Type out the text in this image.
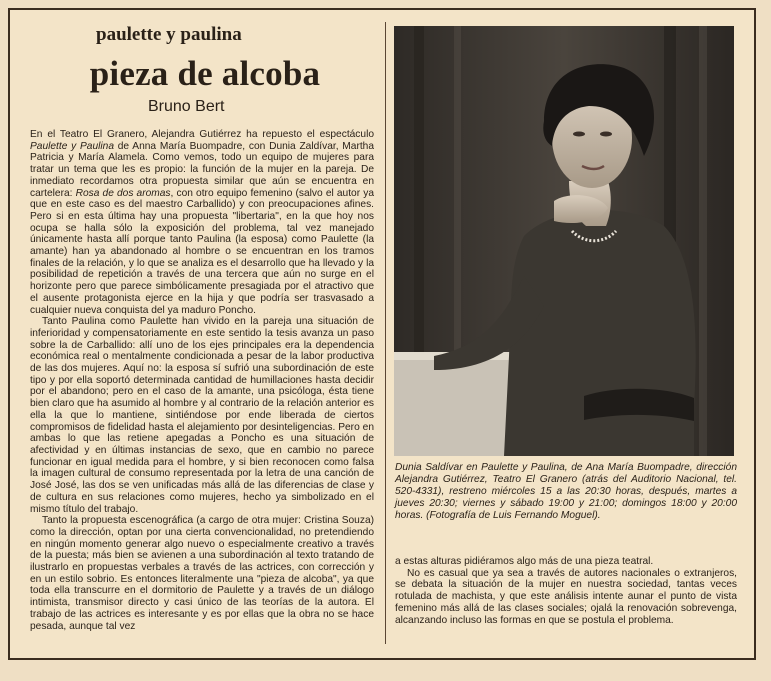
paulette y paulina
pieza de alcoba
Bruno Bert

En el Teatro El Granero, Alejandra Gutiérrez ha repuesto el espectáculo Paulette y Paulina de Anna María Buompadre, con Dunia Zaldívar, Martha Patricia y María Alamela. Como vemos, todo un equipo de mujeres para tratar un tema que les es propio: la función de la mujer en la pareja. De inmediato recordamos otra propuesta similar que aún se encuentra en cartelera: Rosa de dos aromas, con otro equipo femenino (salvo el autor ya que en este caso es del maestro Carballido) y con preocupaciones afines. Pero si en esta última hay una propuesta "libertaria", en la que hoy nos ocupa se halla sólo la exposición del problema, tal vez manejado únicamente hasta allí porque tanto Paulina (la esposa) como Paulette (la amante) han ya abandonado al hombre o se encuentran en los tramos finales de la relación, y lo que se analiza es el desarrollo que ha llevado y la posibilidad de repetición a través de una tercera que aún no surge en el horizonte pero que parece simbólicamente presagiada por el atractivo que el ausente protagonista ejerce en la hija y que podría ser trasvasado a cualquier nueva conquista del ya maduro Poncho.

Tanto Paulina como Paulette han vivido en la pareja una situación de inferioridad y compensatoriamente en este sentido la tesis avanza un paso sobre la de Carballido: allí uno de los ejes principales era la dependencia económica real o mentalmente condicionada a pesar de la labor productiva de las dos mujeres. Aquí no: la esposa sí sufrió una subordinación de este tipo y por ella soportó determinada cantidad de humillaciones hasta decidir por el abandono; pero en el caso de la amante, una psicóloga, ésta tiene bien claro que ha asumido al hombre y al contrario de la relación anterior es ella la que lo mantiene, sintiéndose por ende liberada de ciertos compromisos de fidelidad hasta el alejamiento por desinteligencias. Pero en ambas lo que las retiene apegadas a Poncho es una situación de afectividad y en últimas instancias de sexo, que en cambio no parece funcionar en igual medida para el hombre, y si bien reconocen como falsa la imagen cultural de consumo representada por la letra de una canción de José José, las dos se ven unificadas más allá de las diferencias de clase y de cultura en sus relaciones como mujeres, hecho ya simbolizado en el mismo título del trabajo.

Tanto la propuesta escenográfica (a cargo de otra mujer: Cristina Souza) como la dirección, optan por una cierta convencionalidad, no pretendiendo en ningún momento generar algo nuevo o especialmente creativo a través de la puesta; más bien se avienen a una subordinación al texto tratando de ilustrarlo en propuestas verbales a través de las actrices, con corrección y en un estilo sobrio. Es entonces literalmente una "pieza de alcoba", ya que toda ella transcurre en el dormitorio de Paulette y a través de un diálogo intimista, transmisor directo y casi único de las teorías de la autora. El trabajo de las actrices es interesante y es por ellas que la obra no se hace pesada, aunque tal vez

Dunia Saldívar en Paulette y Paulina, de Ana María Buompadre, dirección Alejandra Gutiérrez, Teatro El Granero (atrás del Auditorio Nacional, tel. 520-4331), restreno miércoles 15 a las 20:30 horas, después, martes a jueves 20:30; viernes y sábado 19:00 y 21:00; domingos 18:00 y 20:00 horas. (Fotografía de Luis Fernando Moguel).

a estas alturas pidiéramos algo más de una pieza teatral.

No es casual que ya sea a través de autores nacionales o extranjeros, se debata la situación de la mujer en nuestra sociedad, tantas veces rotulada de machista, y que este análisis intente aunar el punto de vista femenino más allá de las clases sociales; ojalá la renovación sobrevenga, alcanzando incluso las formas en que se postula el problema.
